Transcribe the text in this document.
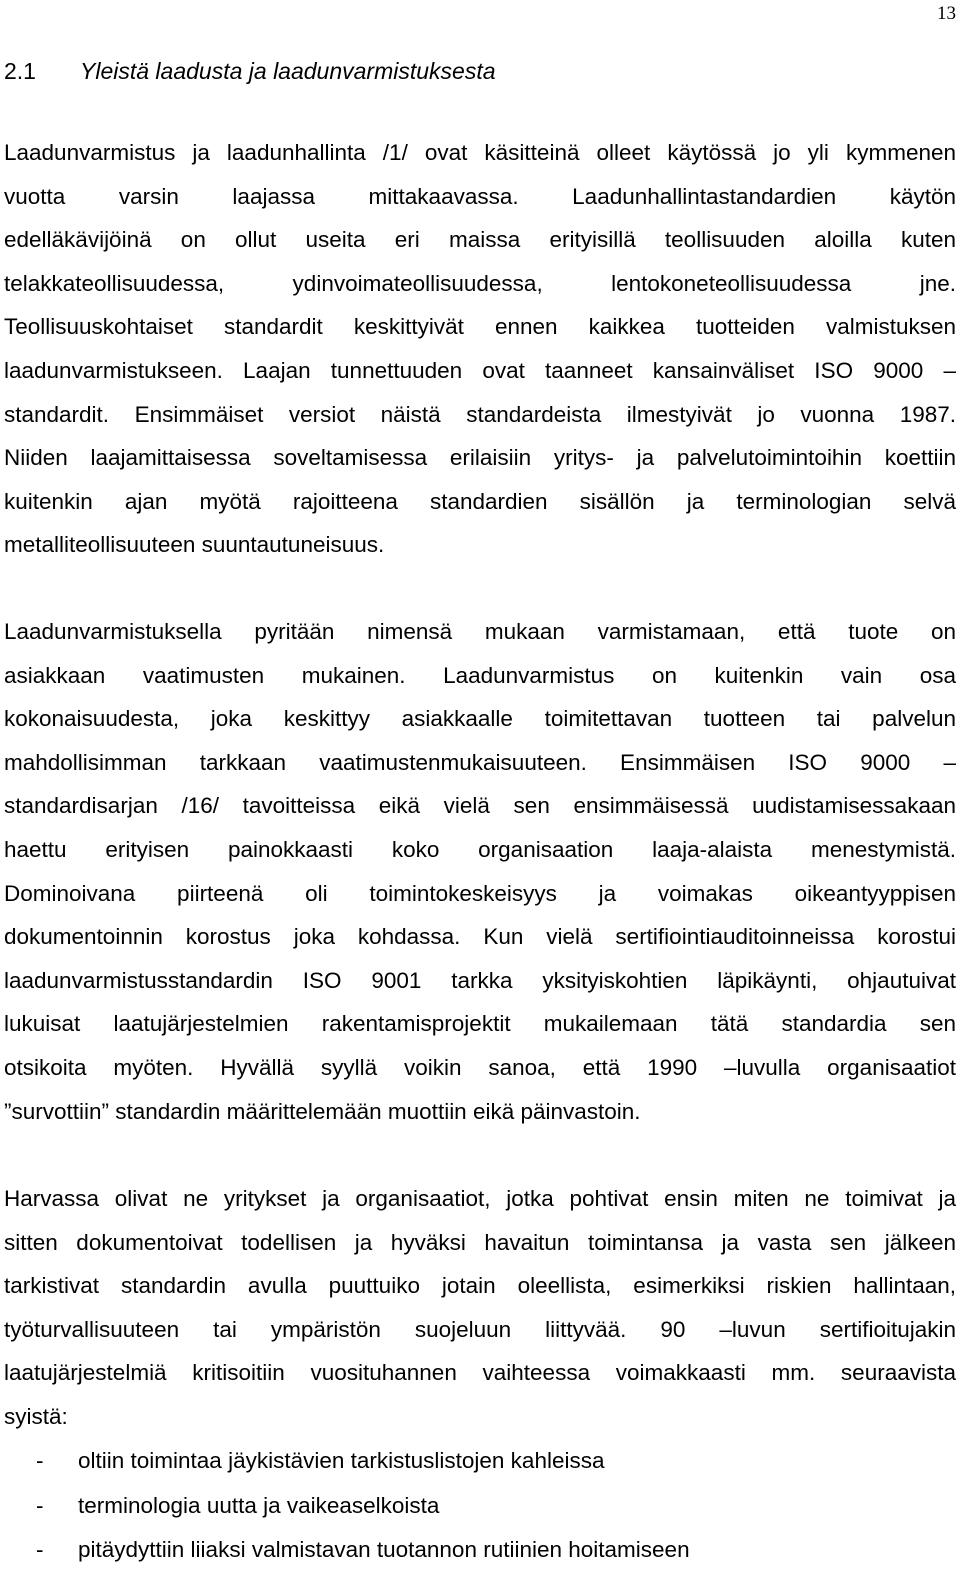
13
2.1 Yleistä laadusta ja laadunvarmistuksesta
Laadunvarmistus ja laadunhallinta /1/ ovat käsitteinä olleet käytössä jo yli kymmenen
vuotta varsin laajassa mittakaavassa. Laadunhallintastandardien käytön
edelläkävijöinä on ollut useita eri maissa erityisillä teollisuuden aloilla kuten
telakkateollisuudessa, ydinvoimateollisuudessa, lentokoneteollisuudessa jne.
Teollisuuskohtaiset standardit keskittyivät ennen kaikkea tuotteiden valmistuksen
laadunvarmistukseen. Laajan tunnettuuden ovat taanneet kansainväliset ISO 9000 –
standardit. Ensimmäiset versiot näistä standardeista ilmestyivät jo vuonna 1987.
Niiden laajamittaisessa soveltamisessa erilaisiin yritys- ja palvelutoimintoihin koettiin
kuitenkin ajan myötä rajoitteena standardien sisällön ja terminologian selvä
metalliteollisuuteen suuntautuneisuus.
Laadunvarmistuksella pyritään nimensä mukaan varmistamaan, että tuote on
asiakkaan vaatimusten mukainen. Laadunvarmistus on kuitenkin vain osa
kokonaisuudesta, joka keskittyy asiakkaalle toimitettavan tuotteen tai palvelun
mahdollisimman tarkkaan vaatimustenmukaisuuteen. Ensimmäisen ISO 9000 –
standardisarjan /16/ tavoitteissa eikä vielä sen ensimmäisessä uudistamisessakaan
haettu erityisen painokkaasti koko organisaation laaja-alaista menestymistä.
Dominoivana piirteenä oli toimintokeskeisyys ja voimakas oikeantyyppisen
dokumentoinnin korostus joka kohdassa. Kun vielä sertifiointiauditoinneissa korostui
laadunvarmistusstandardin ISO 9001 tarkka yksityiskohtien läpikäynti, ohjautuivat
lukuisat laatujärjestelmien rakentamisprojektit mukailemaan tätä standardia sen
otsikoita myöten. Hyvällä syyllä voikin sanoa, että 1990 –luvulla organisaatiot
”survottiin” standardin määrittelemään muottiin eikä päinvastoin.
Harvassa olivat ne yritykset ja organisaatiot, jotka pohtivat ensin miten ne toimivat ja
sitten dokumentoivat todellisen ja hyväksi havaitun toimintansa ja vasta sen jälkeen
tarkistivat standardin avulla puuttuiko jotain oleellista, esimerkiksi riskien hallintaan,
työturvallisuuteen tai ympäristön suojeluun liittyvää. 90 –luvun sertifioitujakin
laatujärjestelmiä kritisoitiin vuosituhannen vaihteessa voimakkaasti mm. seuraavista
syistä:
- oltiin toimintaa jäykistävien tarkistuslistojen kahleissa
- terminologia uutta ja vaikeaselkoista
- pitäydyttiin liiaksi valmistavan tuotannon rutiinien hoitamiseen
